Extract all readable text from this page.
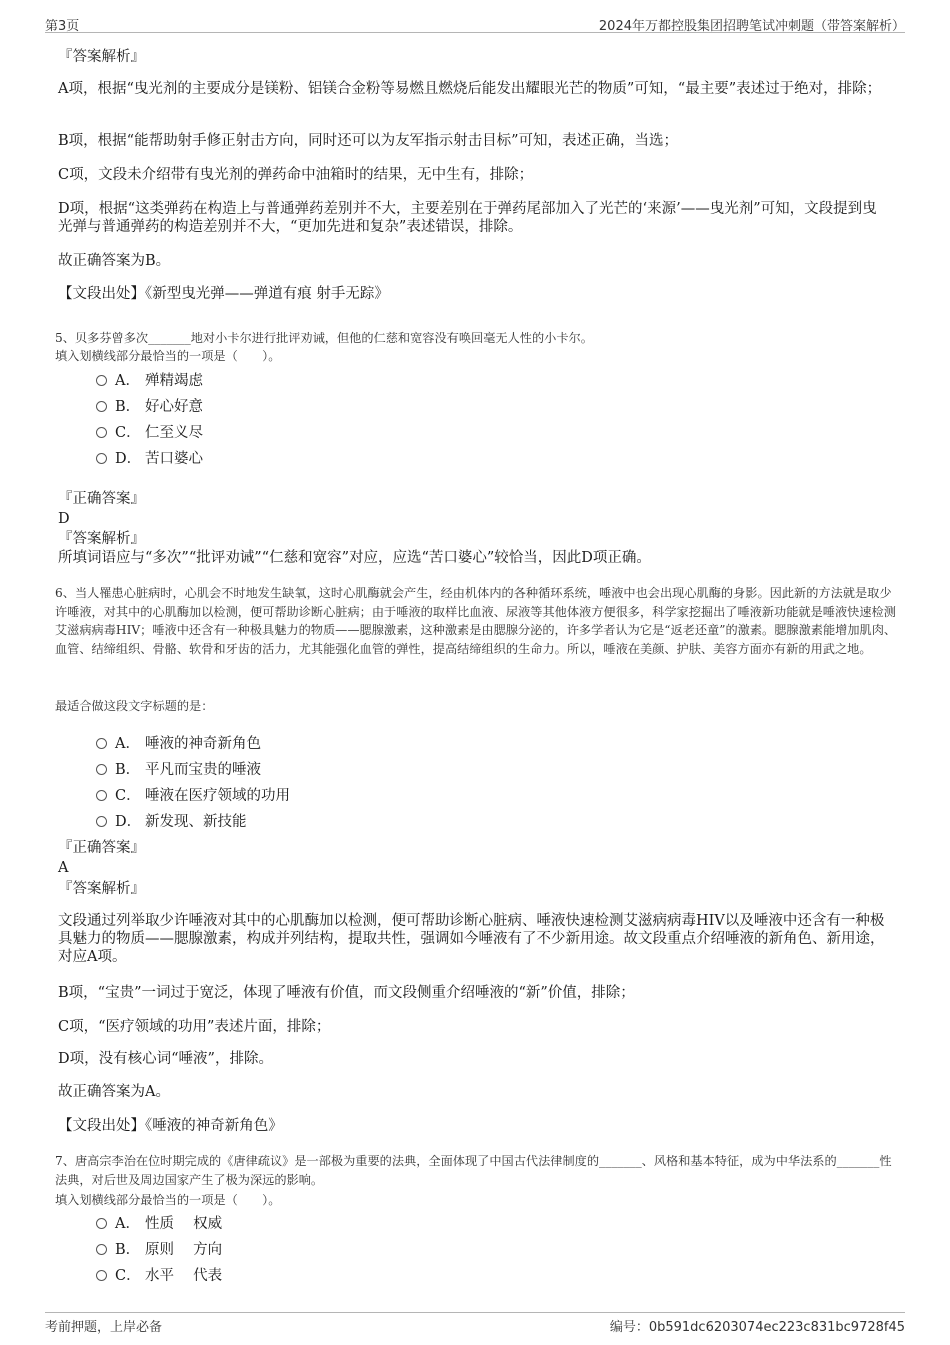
第3页	2024年万都控股集团招聘笔试冲刺题（带答案解析）
『答案解析』
A项，根据“曳光剂的主要成分是镁粉、铝镁合金粉等易燃且燃烧后能发出耀眼光芒的物质”可知，“最主要”表述过于绝对，排除；
B项，根据“能帮助射手修正射击方向，同时还可以为友军指示射击目标”可知，表述正确，当选；
C项，文段未介绍带有曳光剂的弹药命中油箱时的结果，无中生有，排除；
D项，根据“这类弹药在构造上与普通弹药差别并不大，主要差别在于弹药尾部加入了光芒的‘来源’——曳光剂”可知，文段提到曳光弹与普通弹药的构造差别并不大，“更加先进和复杂”表述错误，排除。
故正确答案为B。
【文段出处】《新型曳光弹——弹道有痕 射手无踪》
5、贝多芬曾多次_______地对小卡尔进行批评劝诫，但他的仁慈和宽容没有唤回毫无人性的小卡尔。
填入划横线部分最恰当的一项是（　　）。
A． 殚精竭虑
B． 好心好意
C． 仁至义尽
D． 苦口婆心
『正确答案』
D
『答案解析』
所填词语应与“多次”“批评劝诫”“仁慈和宽容”对应，应选“苦口婆心”较恰当，因此D项正确。
6、当人罹患心脏病时，心肌会不时地发生缺氧，这时心肌酶就会产生，经由机体内的各种循环系统，唾液中也会出现心肌酶的身影。因此新的方法就是取少许唾液，对其中的心肌酶加以检测，便可帮助诊断心脏病；由于唾液的取样比血液、尿液等其他体液方便很多，科学家挖掘出了唾液新功能就是唾液快速检测艾滋病病毒HIV；唾液中还含有一种极具魅力的物质——腮腺激素，这种激素是由腮腺分泌的，许多学者认为它是“返老还童”的激素。腮腺激素能增加肌肉、血管、结缔组织、骨骼、软骨和牙齿的活力，尤其能强化血管的弹性，提高结缔组织的生命力。所以，唾液在美颜、护肤、美容方面亦有新的用武之地。
最适合做这段文字标题的是：
A． 唾液的神奇新角色
B． 平凡而宝贵的唾液
C． 唾液在医疗领域的功用
D． 新发现、新技能
『正确答案』
A
『答案解析』
文段通过列举取少许唾液对其中的心肌酶加以检测，便可帮助诊断心脏病、唾液快速检测艾滋病病毒HIV以及唾液中还含有一种极具魅力的物质——腮腺激素，构成并列结构，提取共性，强调如今唾液有了不少新用途。故文段重点介绍唾液的新角色、新用途，对应A项。
B项，“宝贵”一词过于宽泛，体现了唾液有价值，而文段侧重介绍唾液的“新”价值，排除；
C项，“医疗领域的功用”表述片面，排除；
D项，没有核心词“唾液”，排除。
故正确答案为A。
【文段出处】《唾液的神奇新角色》
7、唐高宗李治在位时期完成的《唐律疏议》是一部极为重要的法典，全面体现了中国古代法律制度的_______、风格和基本特征，成为中华法系的_______性法典，对后世及周边国家产生了极为深远的影响。
填入划横线部分最恰当的一项是（　　）。
A． 性质　 权威
B． 原则　 方向
C． 水平　 代表
考前押题，上岸必备	编号：0b591dc6203074ec223c831bc9728f45
